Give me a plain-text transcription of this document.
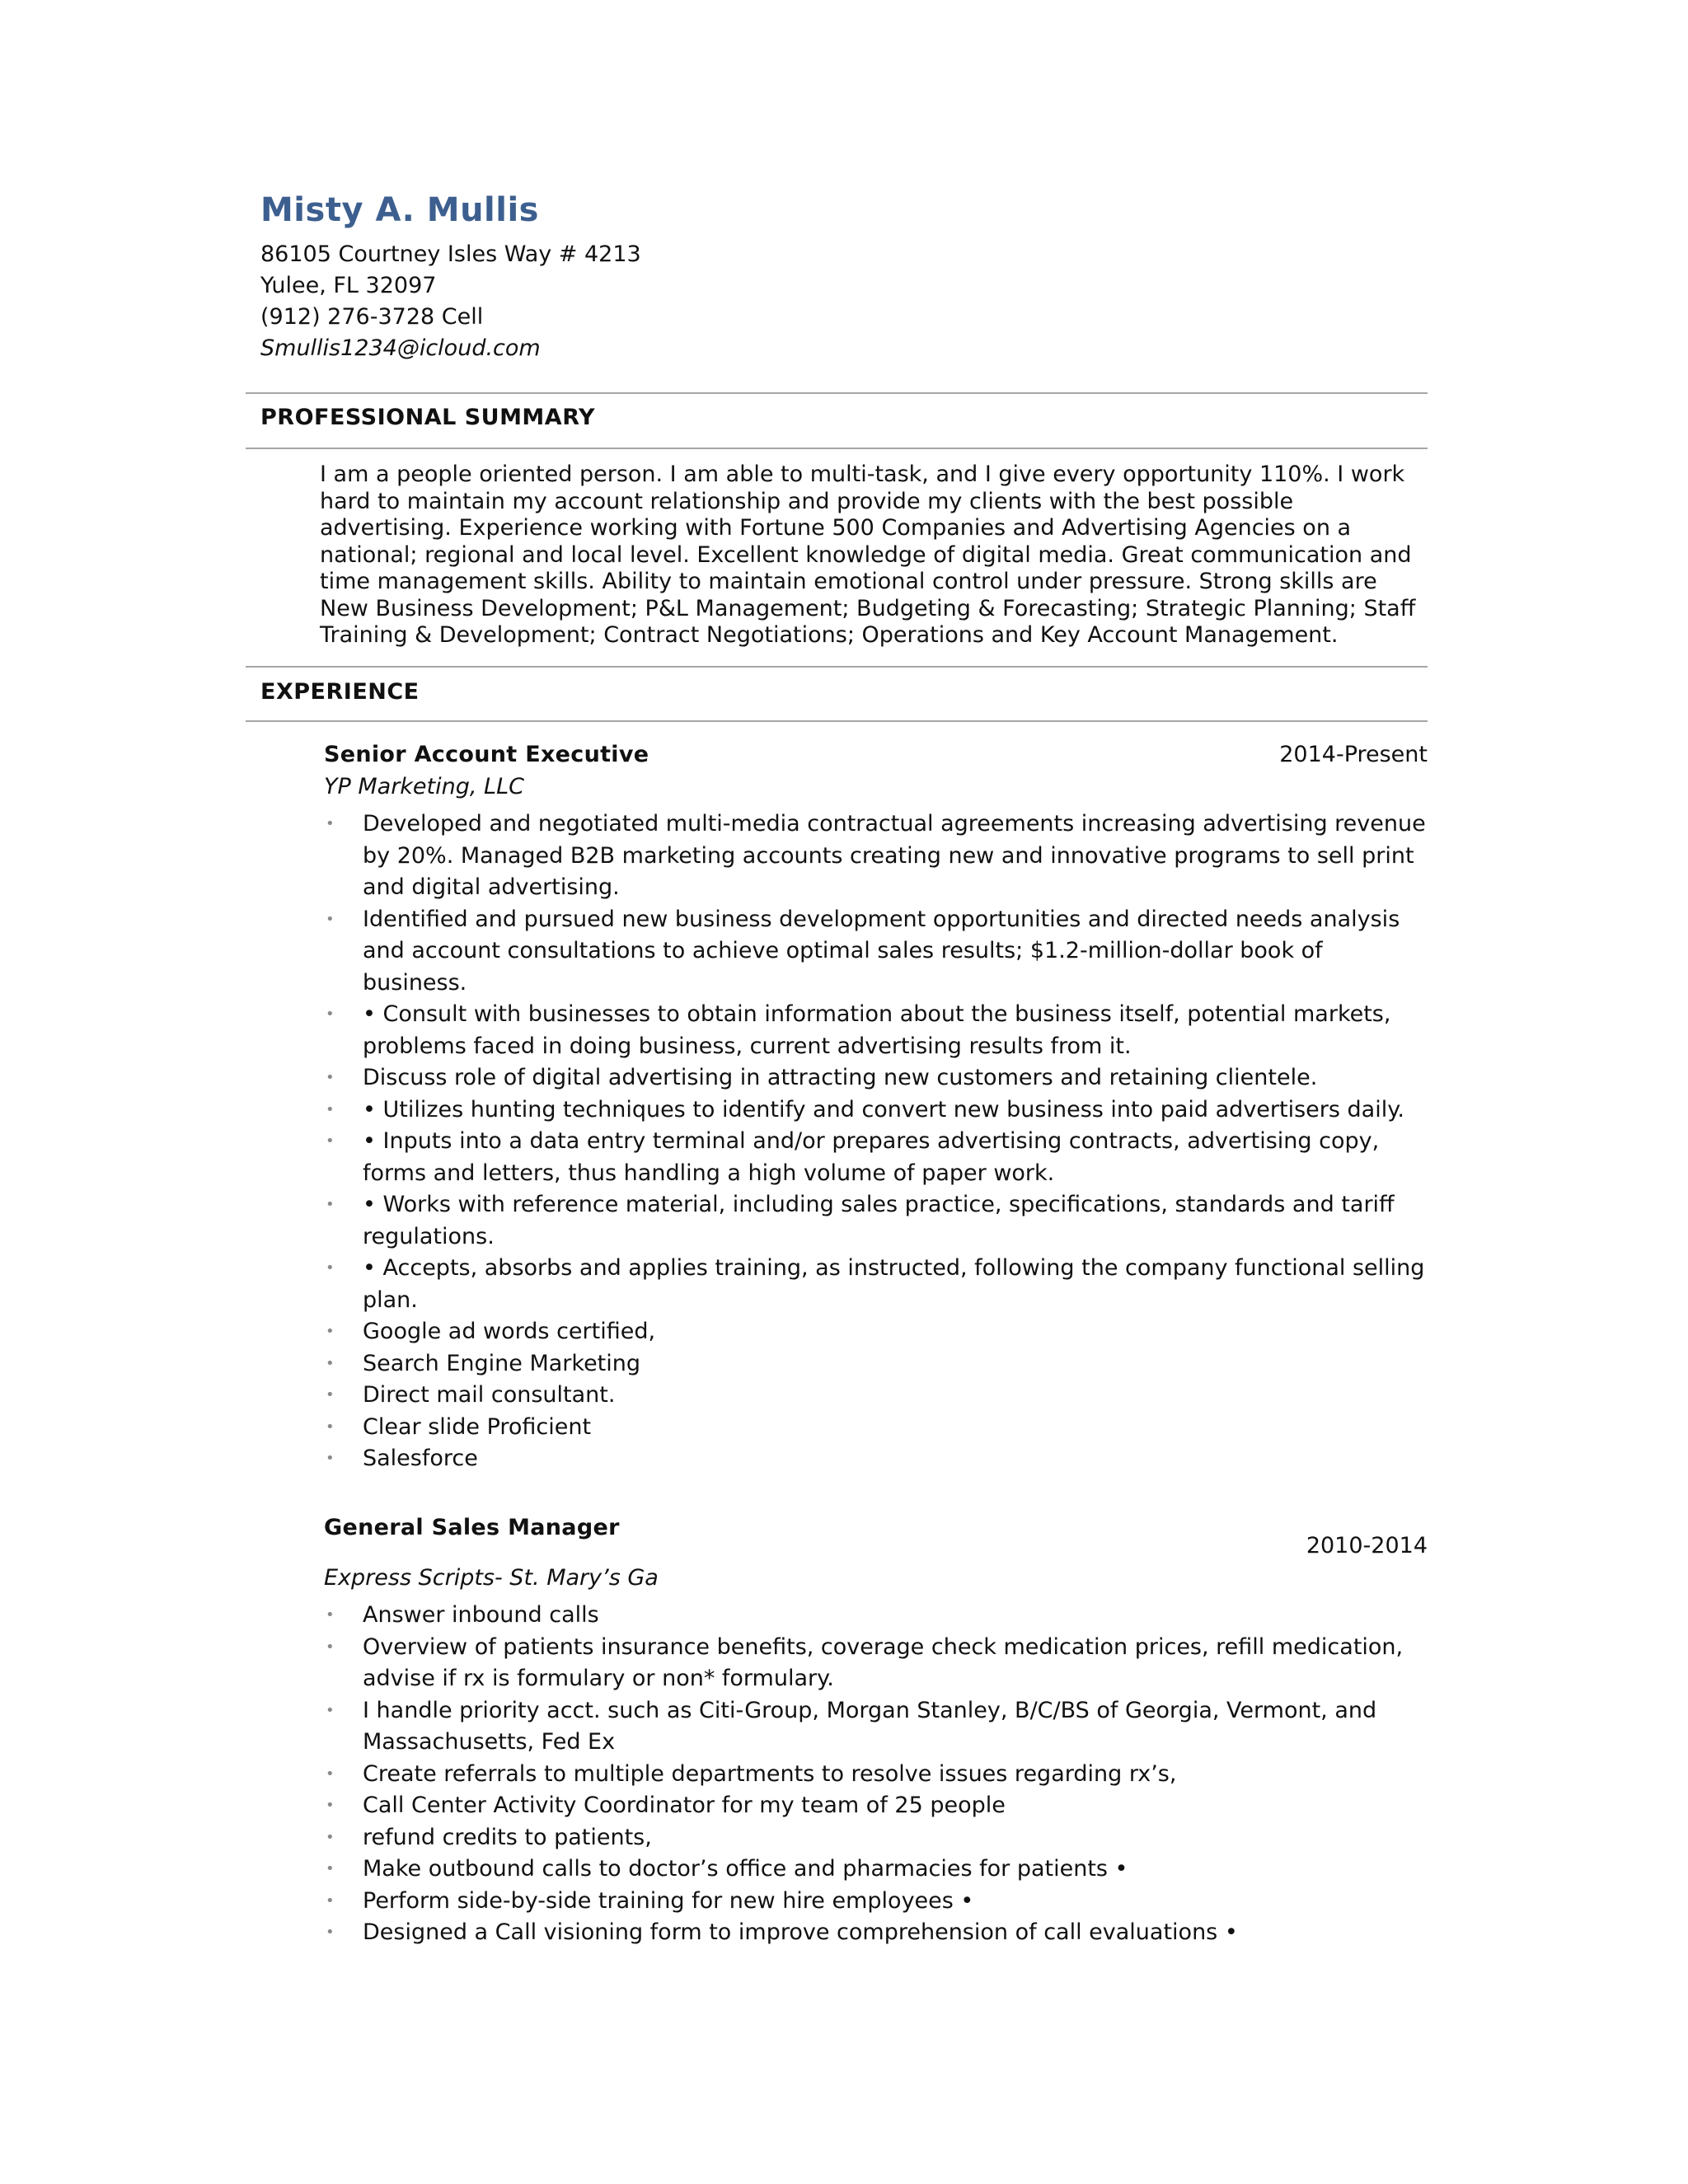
Misty A. Mullis
86105 Courtney Isles Way # 4213
Yulee, FL 32097
(912) 276-3728 Cell
Smullis1234@icloud.com
PROFESSIONAL SUMMARY

I am a people oriented person. I am able to multi-task, and I give every opportunity 110%. I work hard to maintain my account relationship and provide my clients with the best possible advertising. Experience working with Fortune 500 Companies and Advertising Agencies on a national; regional and local level. Excellent knowledge of digital media. Great communication and time management skills. Ability to maintain emotional control under pressure. Strong skills are New Business Development; P&L Management; Budgeting & Forecasting; Strategic Planning; Staff Training & Development; Contract Negotiations; Operations and Key Account Management.

EXPERIENCE
Senior Account Executive	2014-Present
YP Marketing, LLC
• Developed and negotiated multi-media contractual agreements increasing advertising revenue by 20%. Managed B2B marketing accounts creating new and innovative programs to sell print and digital advertising.
• Identified and pursued new business development opportunities and directed needs analysis and account consultations to achieve optimal sales results; $1.2-million-dollar book of business.
• • Consult with businesses to obtain information about the business itself, potential markets, problems faced in doing business, current advertising results from it.
• Discuss role of digital advertising in attracting new customers and retaining clientele.
• • Utilizes hunting techniques to identify and convert new business into paid advertisers daily.
• • Inputs into a data entry terminal and/or prepares advertising contracts, advertising copy, forms and letters, thus handling a high volume of paper work.
• • Works with reference material, including sales practice, specifications, standards and tariff regulations.
• • Accepts, absorbs and applies training, as instructed, following the company functional selling plan.
• Google ad words certified,
• Search Engine Marketing
• Direct mail consultant.
• Clear slide Proficient
• Salesforce
General Sales Manager
2010-2014
Express Scripts- St. Mary’s Ga
• Answer inbound calls
• Overview of patients insurance benefits, coverage check medication prices, refill medication, advise if rx is formulary or non* formulary.
• I handle priority acct. such as Citi-Group, Morgan Stanley, B/C/BS of Georgia, Vermont, and Massachusetts, Fed Ex
• Create referrals to multiple departments to resolve issues regarding rx’s,
• Call Center Activity Coordinator for my team of 25 people
• refund credits to patients,
• Make outbound calls to doctor’s office and pharmacies for patients •
• Perform side-by-side training for new hire employees •
• Designed a Call visioning form to improve comprehension of call evaluations •
